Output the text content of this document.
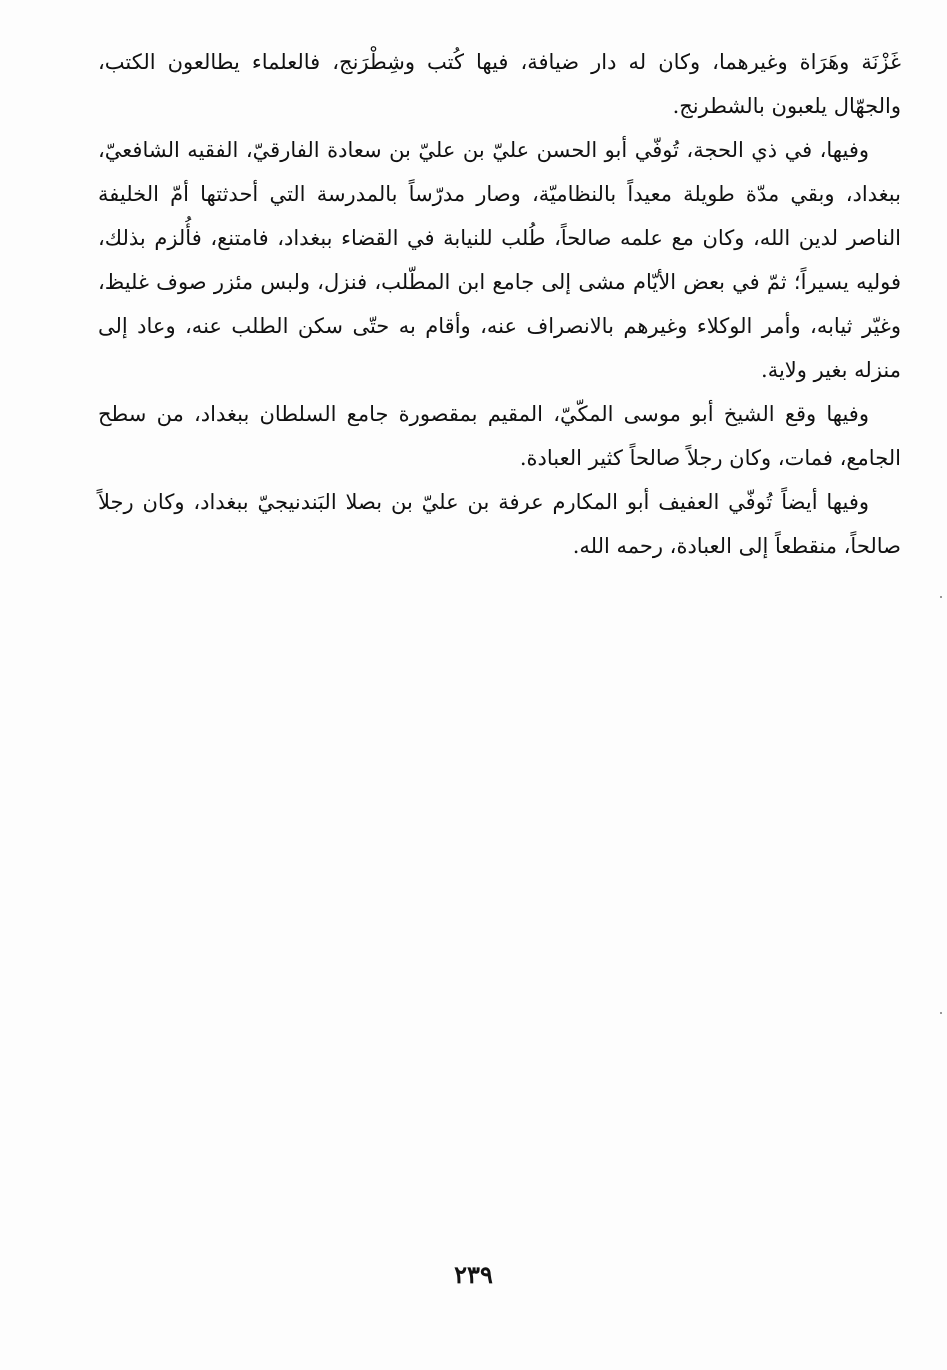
غَزْنَة وهَرَاة وغيرهما، وكان له دار ضيافة، فيها كُتب وشِطْرَنج، فالعلماء يطالعون الكتب، والجهّال يلعبون بالشطرنج.

وفيها، في ذي الحجة، تُوفّي أبو الحسن عليّ بن عليّ بن سعادة الفارقيّ، الفقيه الشافعيّ، ببغداد، وبقي مدّة طويلة معيداً بالنظاميّة، وصار مدرّساً بالمدرسة التي أحدثتها أمّ الخليفة الناصر لدين الله، وكان مع علمه صالحاً، طُلب للنيابة في القضاء ببغداد، فامتنع، فأُلزم بذلك، فوليه يسيراً؛ ثمّ في بعض الأيّام مشى إلى جامع ابن المطّلب، فنزل، ولبس مئزر صوف غليظ، وغيّر ثيابه، وأمر الوكلاء وغيرهم بالانصراف عنه، وأقام به حتّى سكن الطلب عنه، وعاد إلى منزله بغير ولاية.

وفيها وقع الشيخ أبو موسى المكّيّ، المقيم بمقصورة جامع السلطان ببغداد، من سطح الجامع، فمات، وكان رجلاً صالحاً كثير العبادة.

وفيها أيضاً تُوفّي العفيف أبو المكارم عرفة بن عليّ بن بصلا البَندنيجيّ ببغداد، وكان رجلاً صالحاً، منقطعاً إلى العبادة، رحمه الله.

٢٣٩
